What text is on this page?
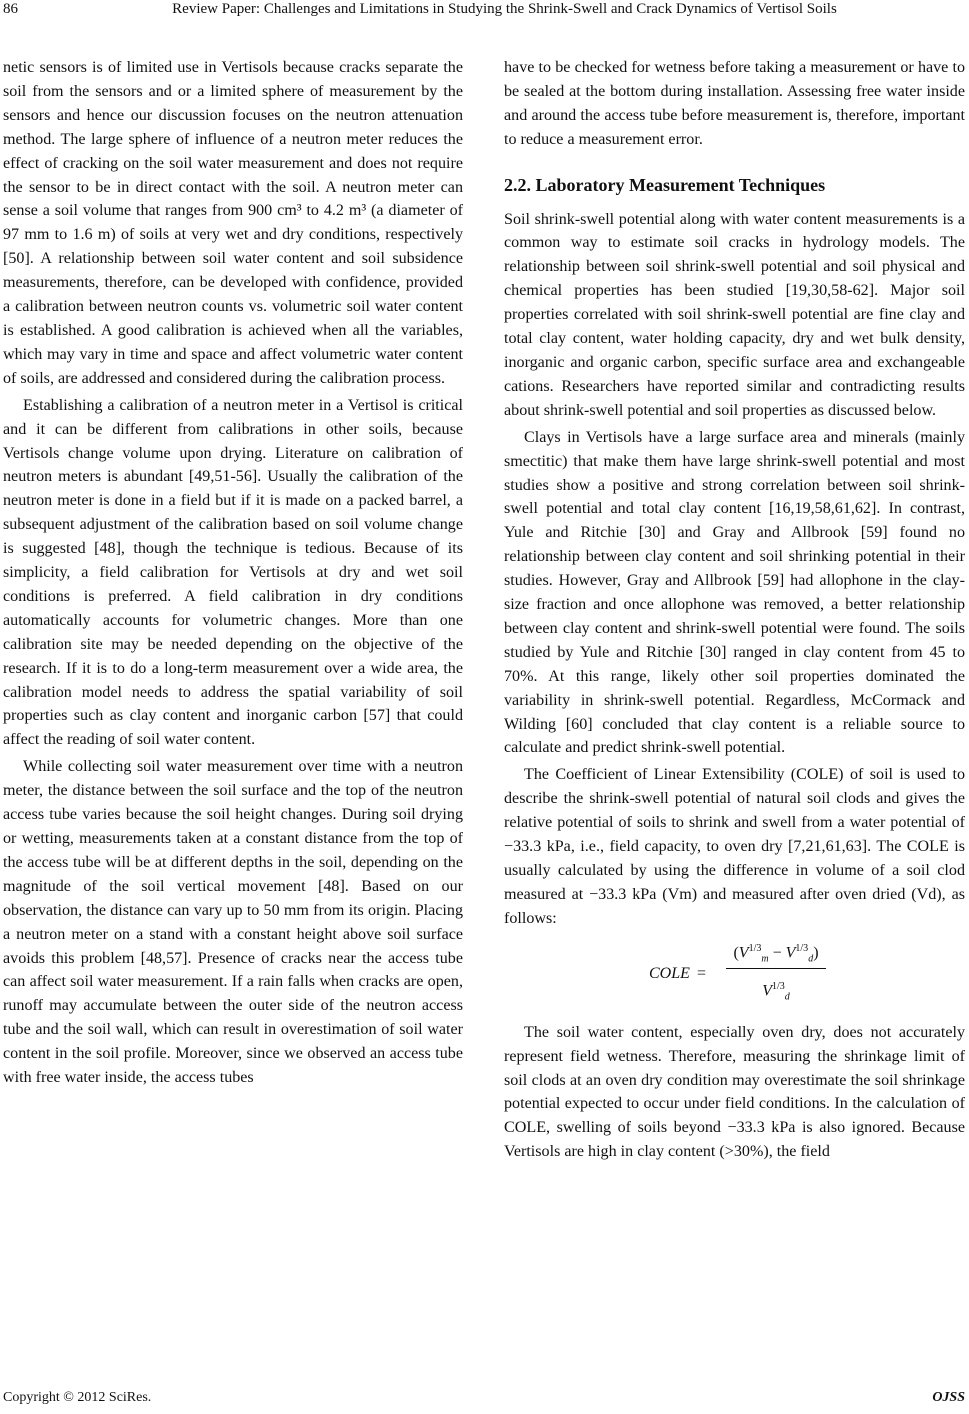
86	Review Paper: Challenges and Limitations in Studying the Shrink-Swell and Crack Dynamics of Vertisol Soils

netic sensors is of limited use in Vertisols because cracks separate the soil from the sensors and or a limited sphere of measurement by the sensors and hence our discussion focuses on the neutron attenuation method. The large sphere of influence of a neutron meter reduces the effect of cracking on the soil water measurement and does not require the sensor to be in direct contact with the soil. A neutron meter can sense a soil volume that ranges from 900 cm³ to 4.2 m³ (a diameter of 97 mm to 1.6 m) of soils at very wet and dry conditions, respectively [50]. A relationship between soil water content and soil subsidence measurements, therefore, can be developed with confidence, provided a calibration between neutron counts vs. volumetric soil water content is established. A good calibration is achieved when all the variables, which may vary in time and space and affect volumetric water content of soils, are addressed and considered during the calibration process.

Establishing a calibration of a neutron meter in a Vertisol is critical and it can be different from calibrations in other soils, because Vertisols change volume upon drying. Literature on calibration of neutron meters is abundant [49,51-56]. Usually the calibration of the neutron meter is done in a field but if it is made on a packed barrel, a subsequent adjustment of the calibration based on soil volume change is suggested [48], though the technique is tedious. Because of its simplicity, a field calibration for Vertisols at dry and wet soil conditions is preferred. A field calibration in dry conditions automatically accounts for volumetric changes. More than one calibration site may be needed depending on the objective of the research. If it is to do a long-term measurement over a wide area, the calibration model needs to address the spatial variability of soil properties such as clay content and inorganic carbon [57] that could affect the reading of soil water content.

While collecting soil water measurement over time with a neutron meter, the distance between the soil surface and the top of the neutron access tube varies because the soil height changes. During soil drying or wetting, measurements taken at a constant distance from the top of the access tube will be at different depths in the soil, depending on the magnitude of the soil vertical movement [48]. Based on our observation, the distance can vary up to 50 mm from its origin. Placing a neutron meter on a stand with a constant height above soil surface avoids this problem [48,57]. Presence of cracks near the access tube can affect soil water measurement. If a rain falls when cracks are open, runoff may accumulate between the outer side of the neutron access tube and the soil wall, which can result in overestimation of soil water content in the soil profile. Moreover, since we observed an access tube with free water inside, the access tubes

have to be checked for wetness before taking a measurement or have to be sealed at the bottom during installation. Assessing free water inside and around the access tube before measurement is, therefore, important to reduce a measurement error.

2.2. Laboratory Measurement Techniques

Soil shrink-swell potential along with water content measurements is a common way to estimate soil cracks in hydrology models. The relationship between soil shrink-swell potential and soil physical and chemical properties has been studied [19,30,58-62]. Major soil properties correlated with soil shrink-swell potential are fine clay and total clay content, water holding capacity, dry and wet bulk density, inorganic and organic carbon, specific surface area and exchangeable cations. Researchers have reported similar and contradicting results about shrink-swell potential and soil properties as discussed below.

Clays in Vertisols have a large surface area and minerals (mainly smectitic) that make them have large shrink-swell potential and most studies show a positive and strong correlation between soil shrink-swell potential and total clay content [16,19,58,61,62]. In contrast, Yule and Ritchie [30] and Gray and Allbrook [59] found no relationship between clay content and soil shrinking potential in their studies. However, Gray and Allbrook [59] had allophone in the clay-size fraction and once allophone was removed, a better relationship between clay content and shrink-swell potential were found. The soils studied by Yule and Ritchie [30] ranged in clay content from 45 to 70%. At this range, likely other soil properties dominated the variability in shrink-swell potential. Regardless, McCormack and Wilding [60] concluded that clay content is a reliable source to calculate and predict shrink-swell potential.

The Coefficient of Linear Extensibility (COLE) of soil is used to describe the shrink-swell potential of natural soil clods and gives the relative potential of soils to shrink and swell from a water potential of −33.3 kPa, i.e., field capacity, to oven dry [7,21,61,63]. The COLE is usually calculated by using the difference in volume of a soil clod measured at −33.3 kPa (Vm) and measured after oven dried (Vd), as follows:

COLE =
$(V^{1/3}_m - V^{1/3}_d)$
$V^{1/3}_d$

The soil water content, especially oven dry, does not accurately represent field wetness. Therefore, measuring the shrinkage limit of soil clods at an oven dry condition may overestimate the soil shrinkage potential expected to occur under field conditions. In the calculation of COLE, swelling of soils beyond −33.3 kPa is also ignored. Because Vertisols are high in clay content (>30%), the field

Copyright © 2012 SciRes.	OJSS
